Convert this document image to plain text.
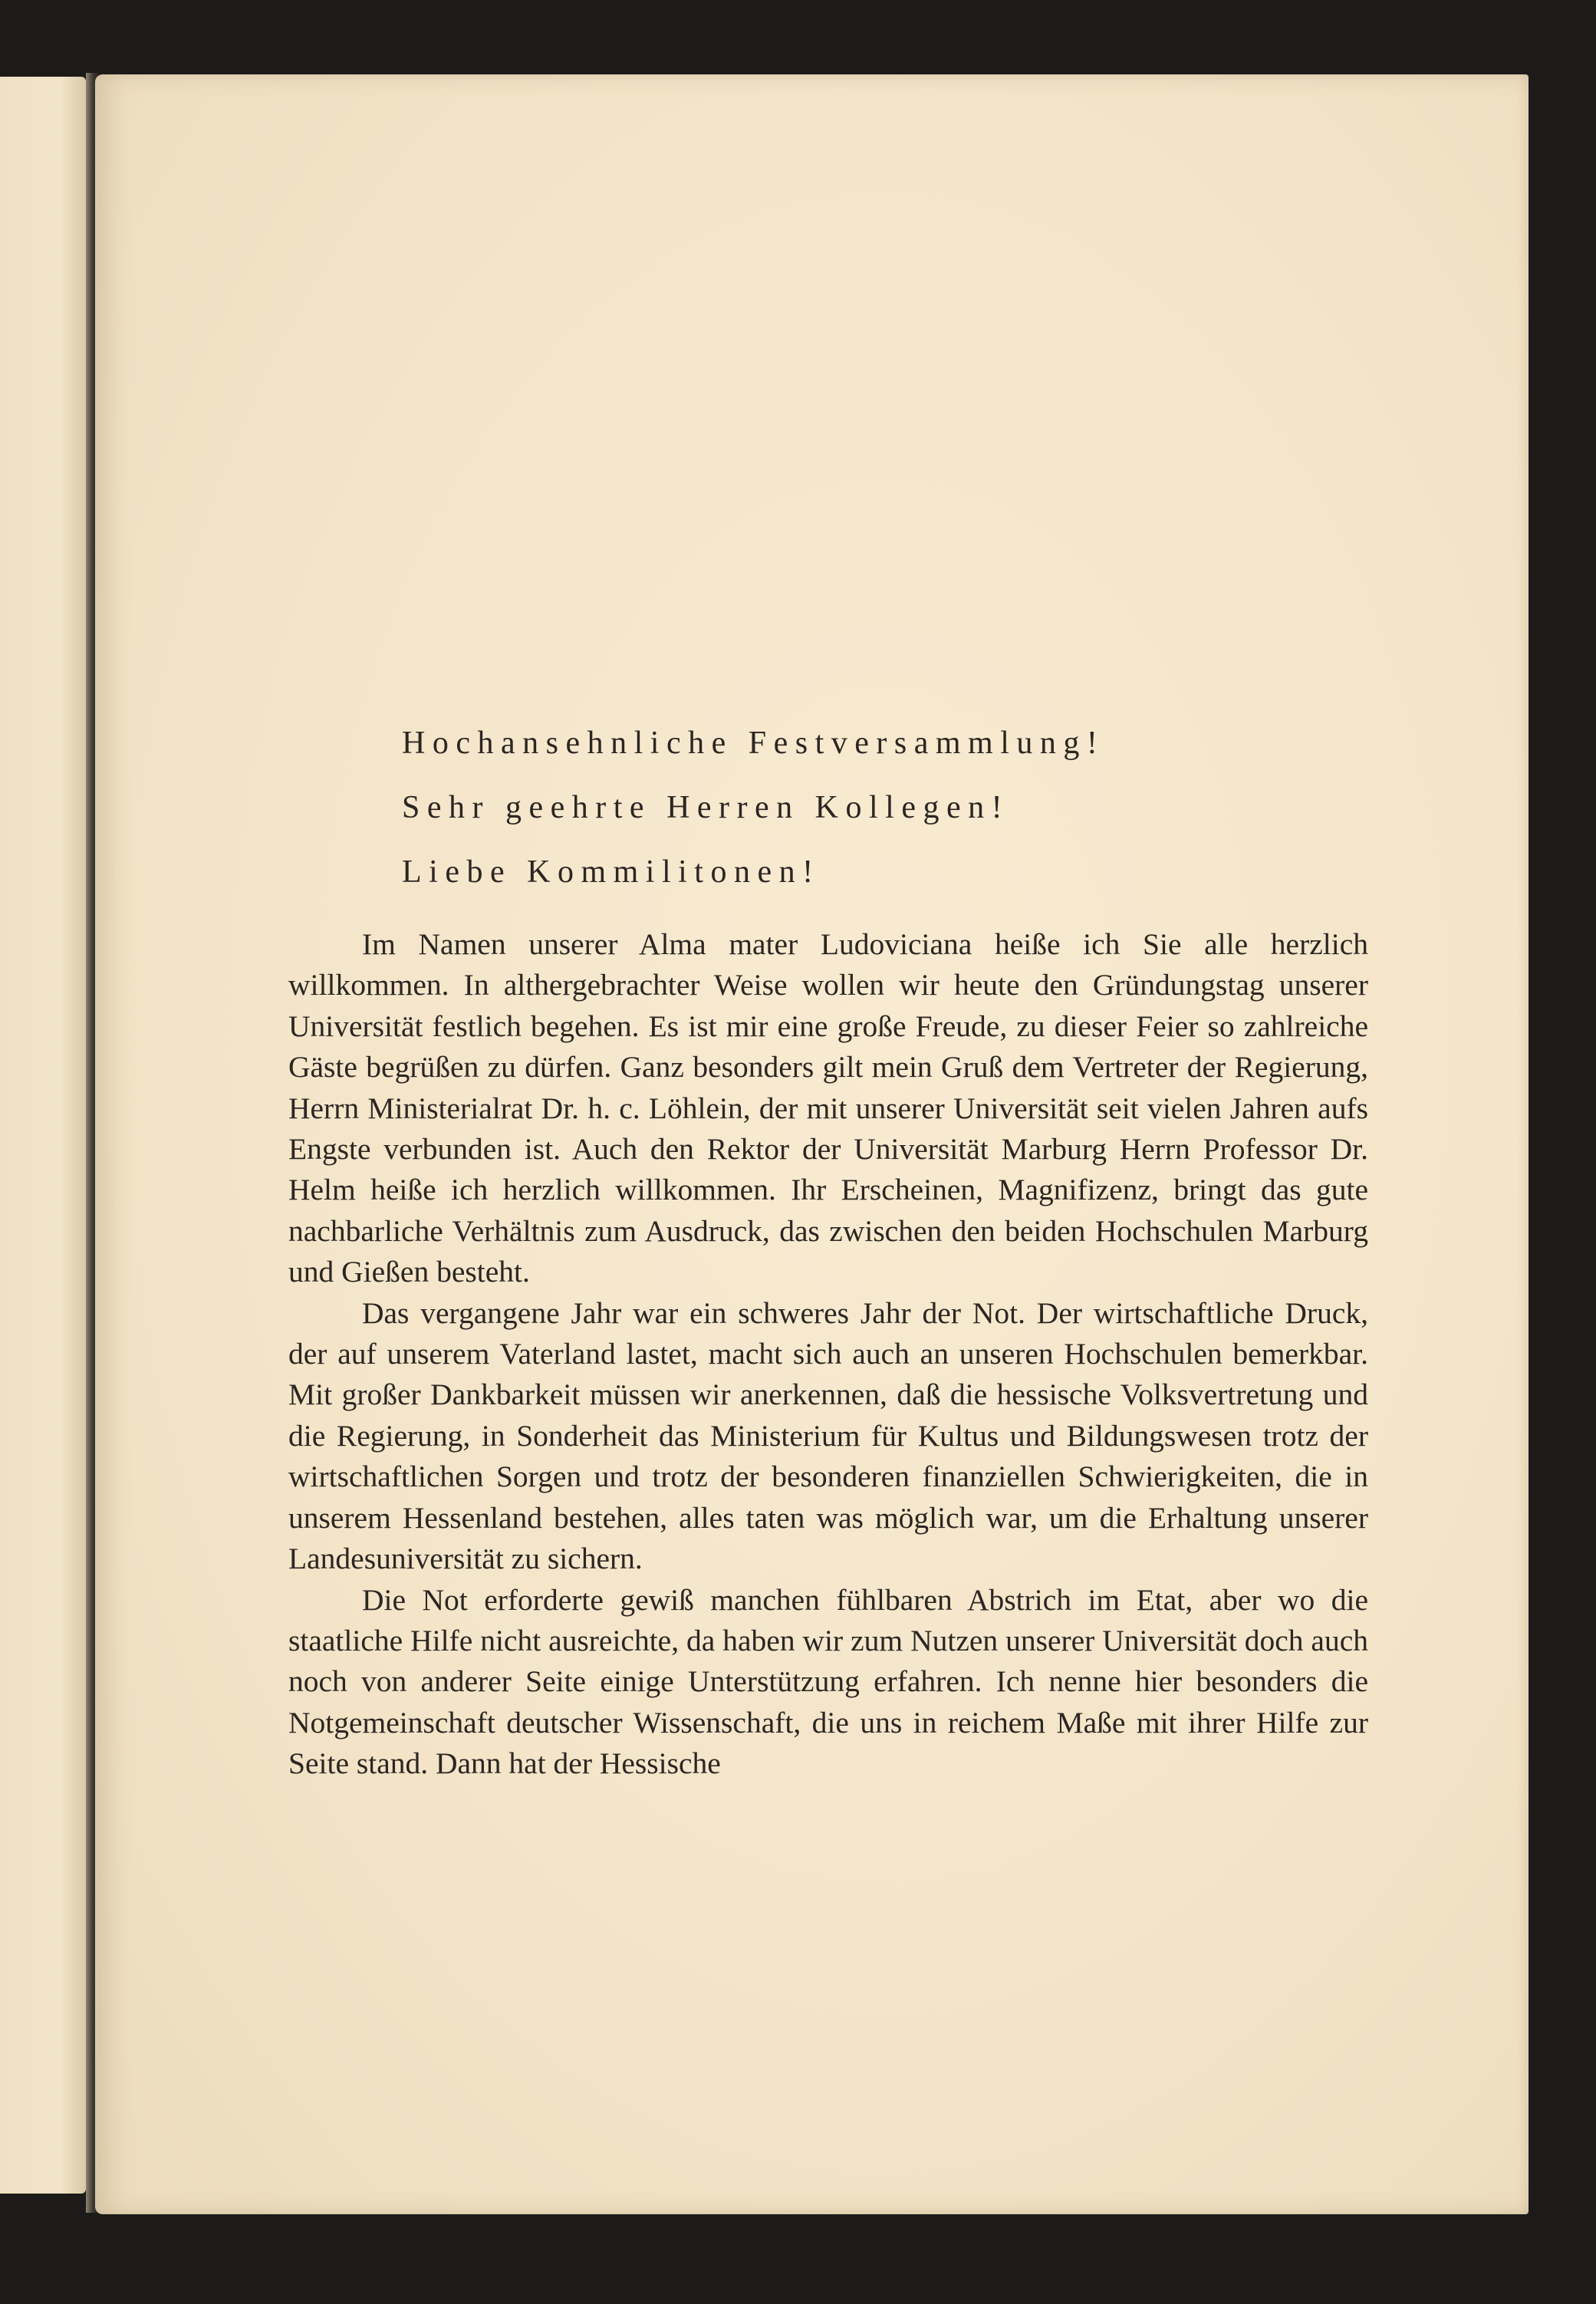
Hochansehnliche Festversammlung!
Sehr geehrte Herren Kollegen!
Liebe Kommilitonen!

Im Namen unserer Alma mater Ludoviciana heiße ich Sie alle herzlich willkommen. In althergebrachter Weise wollen wir heute den Gründungstag unserer Universität festlich begehen. Es ist mir eine große Freude, zu dieser Feier so zahlreiche Gäste begrüßen zu dürfen. Ganz besonders gilt mein Gruß dem Vertreter der Regierung, Herrn Ministerialrat Dr. h. c. Löhlein, der mit unserer Universität seit vielen Jahren aufs Engste verbunden ist. Auch den Rektor der Universität Marburg Herrn Professor Dr. Helm heiße ich herzlich willkommen. Ihr Erscheinen, Magnifizenz, bringt das gute nachbarliche Verhältnis zum Ausdruck, das zwischen den beiden Hochschulen Marburg und Gießen besteht.

Das vergangene Jahr war ein schweres Jahr der Not. Der wirtschaftliche Druck, der auf unserem Vaterland lastet, macht sich auch an unseren Hochschulen bemerkbar. Mit großer Dankbarkeit müssen wir anerkennen, daß die hessische Volksvertretung und die Regierung, in Sonderheit das Ministerium für Kultus und Bildungswesen trotz der wirtschaftlichen Sorgen und trotz der besonderen finanziellen Schwierigkeiten, die in unserem Hessenland bestehen, alles taten was möglich war, um die Erhaltung unserer Landesuniversität zu sichern.

Die Not erforderte gewiß manchen fühlbaren Abstrich im Etat, aber wo die staatliche Hilfe nicht ausreichte, da haben wir zum Nutzen unserer Universität doch auch noch von anderer Seite einige Unterstützung erfahren. Ich nenne hier besonders die Notgemeinschaft deutscher Wissenschaft, die uns in reichem Maße mit ihrer Hilfe zur Seite stand. Dann hat der Hessische
